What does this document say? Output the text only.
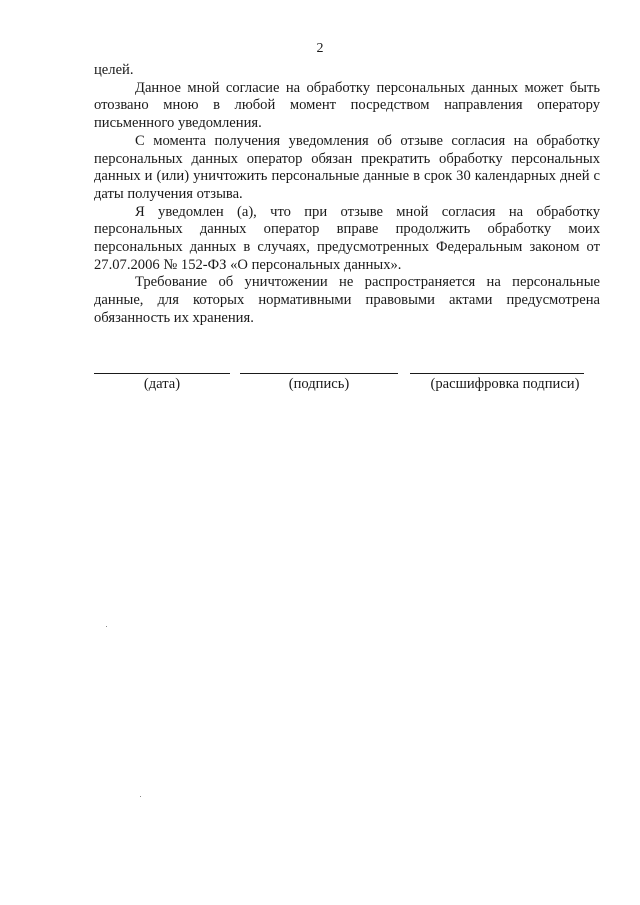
2

целей.

Данное мной согласие на обработку персональных данных может быть отозвано мною в любой момент посредством направления оператору письменного уведомления.

С момента получения уведомления об отзыве согласия на обработку персональных данных оператор обязан прекратить обработку персональных данных и (или) уничтожить персональные данные в срок 30 календарных дней с даты получения отзыва.

Я уведомлен (а), что при отзыве мной согласия на обработку персональных данных оператор вправе продолжить обработку моих персональных данных в случаях, предусмотренных Федеральным законом от 27.07.2006 № 152-ФЗ «О персональных данных».

Требование об уничтожении не распространяется на персональные данные, для которых нормативными правовыми актами предусмотрена обязанность их хранения.

(дата)	(подпись)	(расшифровка подписи)
